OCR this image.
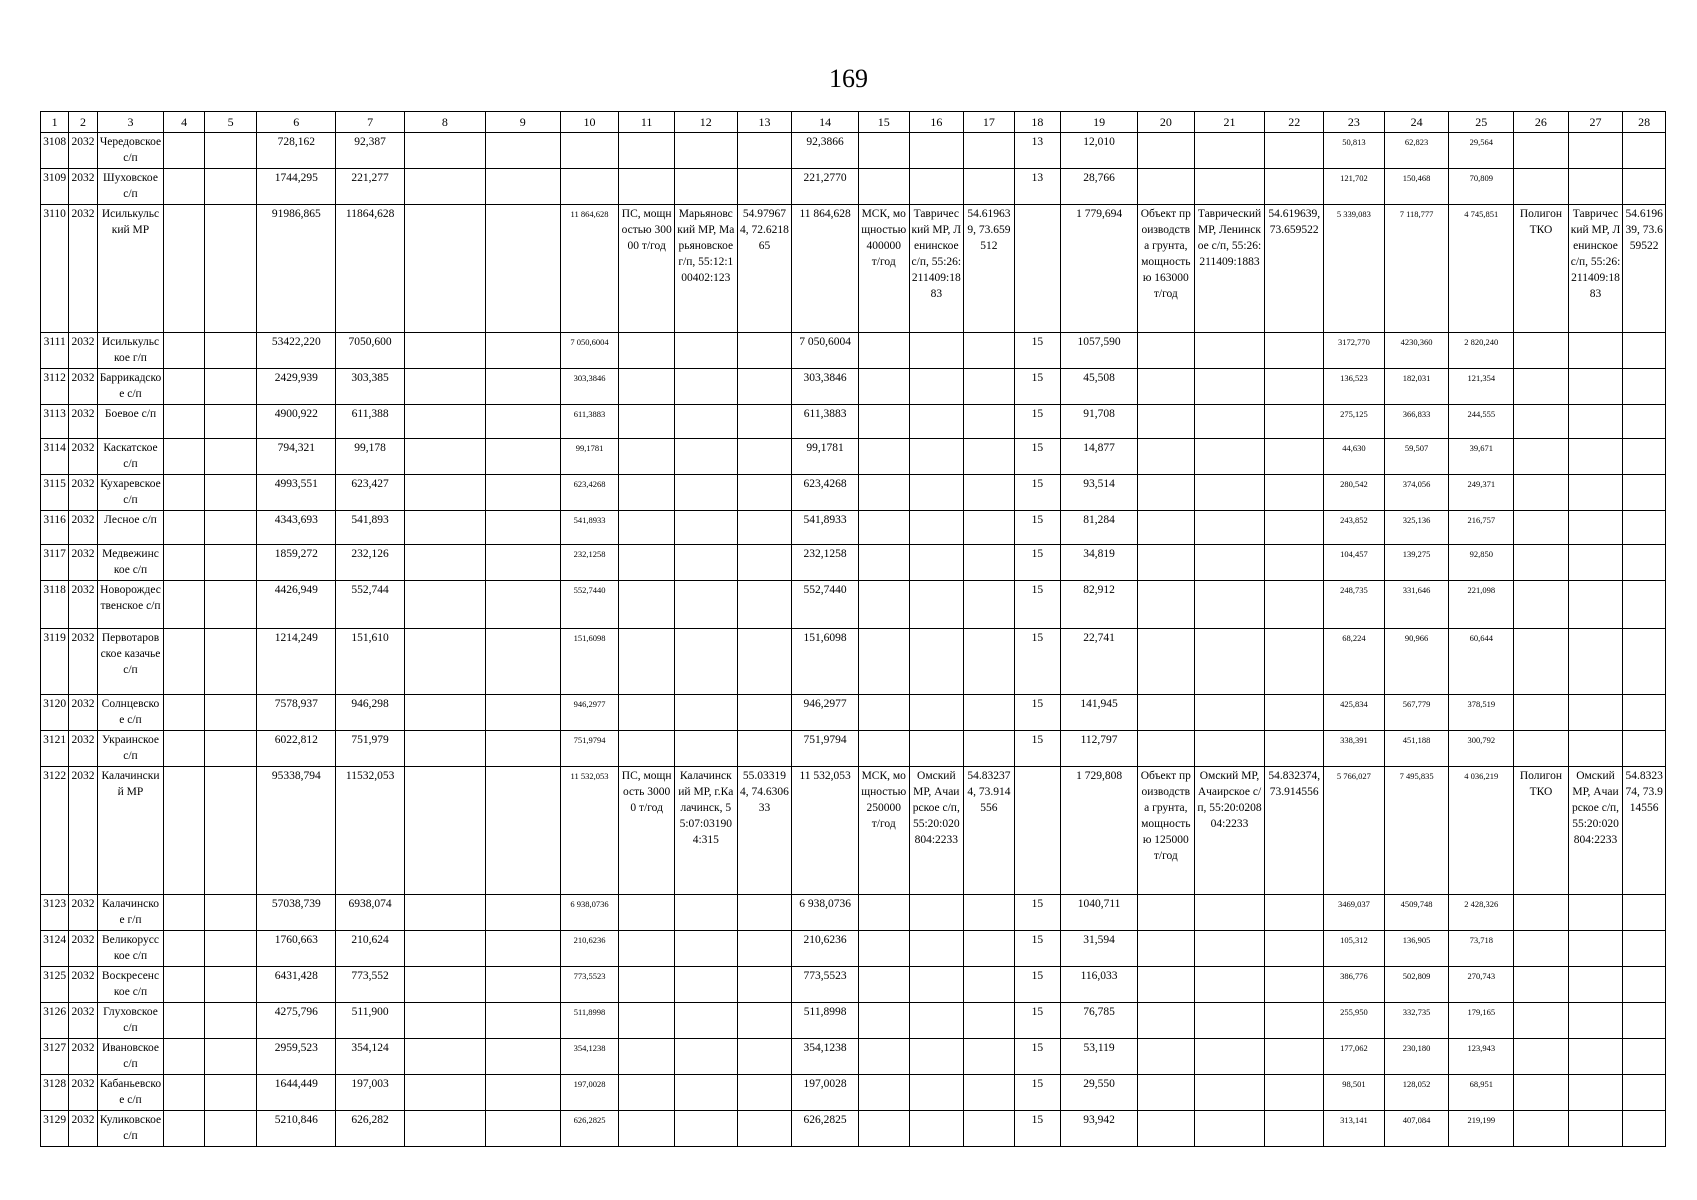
169
1	2	3	4	5	6	7	8	9	10	11	12	13	14	15	16	17	18	19	20	21	22	23	24	25	26	27	28
3108	2032	Чередовское с/п			728,162	92,387							92,3866				13	12,010				50,813	62,823	29,564			
3109	2032	Шуховское с/п			1744,295	221,277							221,2770				13	28,766				121,702	150,468	70,809			
3110	2032	Исилькульский МР			91986,865	11864,628			11 864,628	ПС, мощностью 30000 т/год	Марьяновский МР, Марьяновское г/п, 55:12:100402:123	54.979674, 72.621865	11 864,628	МСК, мощностью 400000 т/год	Таврический МР, Ленинское с/п, 55:26:211409:1883	54.619639, 73.659512		1 779,694	Объект производства грунта, мощностью 163000 т/год	Таврический МР, Ленинское с/п, 55:26:211409:1883	54.619639, 73.659522	5 339,083	7 118,777	4 745,851	Полигон ТКО	Таврический МР, Ленинское с/п, 55:26:211409:1883	54.619639, 73.659522
3111	2032	Исилькульское г/п			53422,220	7050,600			7 050,6004				7 050,6004				15	1057,590				3172,770	4230,360	2 820,240			
3112	2032	Баррикадское с/п			2429,939	303,385			303,3846				303,3846				15	45,508				136,523	182,031	121,354			
3113	2032	Боевое с/п			4900,922	611,388			611,3883				611,3883				15	91,708				275,125	366,833	244,555			
3114	2032	Каскатское с/п			794,321	99,178			99,1781				99,1781				15	14,877				44,630	59,507	39,671			
3115	2032	Кухаревское с/п			4993,551	623,427			623,4268				623,4268				15	93,514				280,542	374,056	249,371			
3116	2032	Лесное с/п			4343,693	541,893			541,8933				541,8933				15	81,284				243,852	325,136	216,757			
3117	2032	Медвежинское с/п			1859,272	232,126			232,1258				232,1258				15	34,819				104,457	139,275	92,850			
3118	2032	Новорождественское с/п			4426,949	552,744			552,7440				552,7440				15	82,912				248,735	331,646	221,098			
3119	2032	Первотаровское казачье с/п			1214,249	151,610			151,6098				151,6098				15	22,741				68,224	90,966	60,644			
3120	2032	Солнцевское с/п			7578,937	946,298			946,2977				946,2977				15	141,945				425,834	567,779	378,519			
3121	2032	Украинское с/п			6022,812	751,979			751,9794				751,9794				15	112,797				338,391	451,188	300,792			
3122	2032	Калачинский МР			95338,794	11532,053			11 532,053	ПС, мощность 30000 т/год	Калачинский МР, г.Калачинск, 55:07:031904:315	55.033194, 74.630633	11 532,053	МСК, мощностью 250000 т/год	Омский МР, Ачаирское с/п, 55:20:020804:2233	54.832374, 73.914556		1 729,808	Объект производства грунта, мощностью 125000 т/год	Омский МР, Ачаирское с/п, 55:20:020804:2233	54.832374, 73.914556	5 766,027	7 495,835	4 036,219	Полигон ТКО	Омский МР, Ачаирское с/п, 55:20:020804:2233	54.832374, 73.914556
3123	2032	Калачинское г/п			57038,739	6938,074			6 938,0736				6 938,0736				15	1040,711				3469,037	4509,748	2 428,326			
3124	2032	Великорусское с/п			1760,663	210,624			210,6236				210,6236				15	31,594				105,312	136,905	73,718			
3125	2032	Воскресенское с/п			6431,428	773,552			773,5523				773,5523				15	116,033				386,776	502,809	270,743			
3126	2032	Глуховское с/п			4275,796	511,900			511,8998				511,8998				15	76,785				255,950	332,735	179,165			
3127	2032	Ивановское с/п			2959,523	354,124			354,1238				354,1238				15	53,119				177,062	230,180	123,943			
3128	2032	Кабаньевское с/п			1644,449	197,003			197,0028				197,0028				15	29,550				98,501	128,052	68,951			
3129	2032	Куликовское с/п			5210,846	626,282			626,2825				626,2825				15	93,942				313,141	407,084	219,199			
